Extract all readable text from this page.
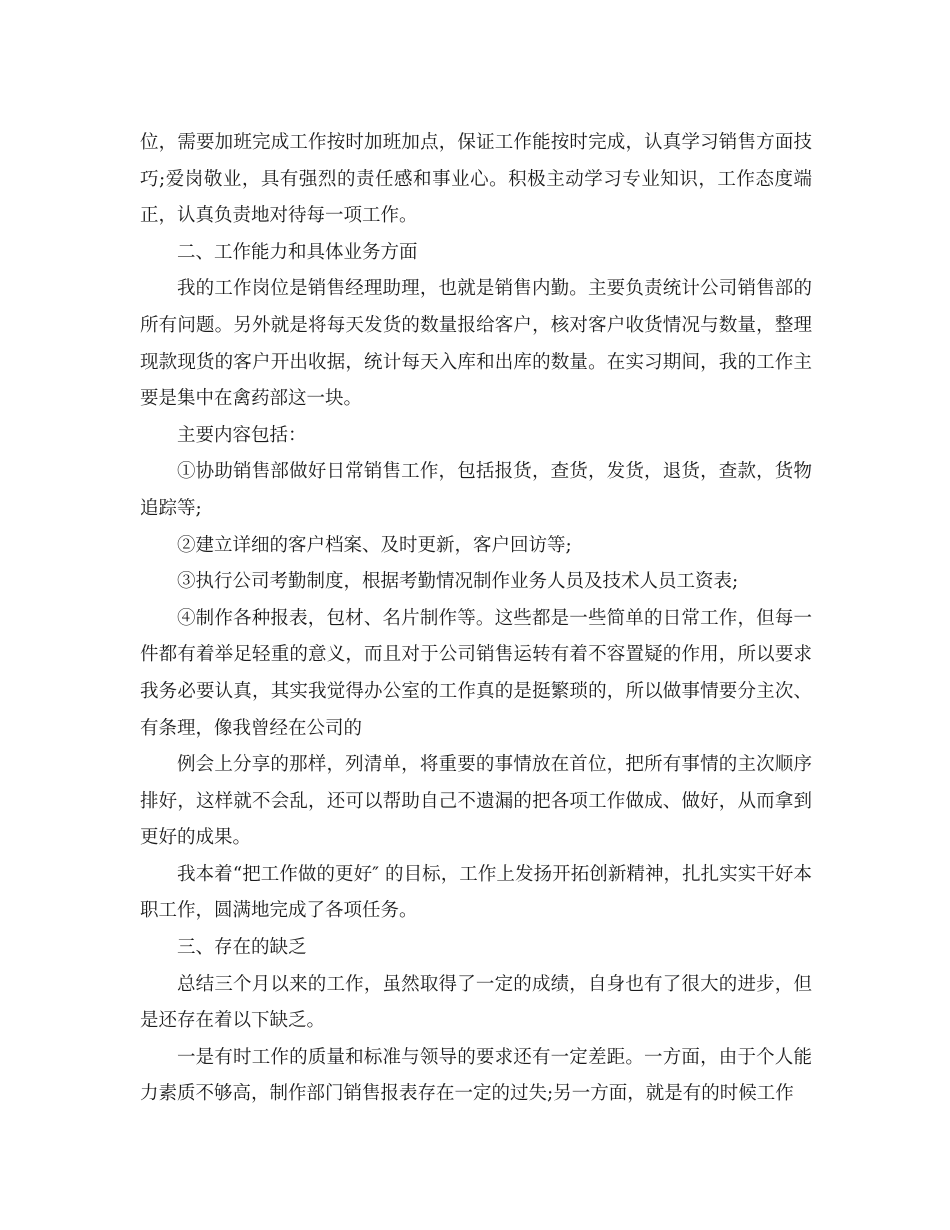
位，需要加班完成工作按时加班加点，保证工作能按时完成，认真学习销售方面技巧;爱岗敬业，具有强烈的责任感和事业心。积极主动学习专业知识，工作态度端正，认真负责地对待每一项工作。

二、工作能力和具体业务方面

我的工作岗位是销售经理助理，也就是销售内勤。主要负责统计公司销售部的所有问题。另外就是将每天发货的数量报给客户，核对客户收货情况与数量，整理现款现货的客户开出收据，统计每天入库和出库的数量。在实习期间，我的工作主要是集中在禽药部这一块。

主要内容包括：

①协助销售部做好日常销售工作，包括报货，查货，发货，退货，查款，货物追踪等;

②建立详细的客户档案、及时更新，客户回访等;

③执行公司考勤制度，根据考勤情况制作业务人员及技术人员工资表;

④制作各种报表，包材、名片制作等。这些都是一些简单的日常工作，但每一件都有着举足轻重的意义，而且对于公司销售运转有着不容置疑的作用，所以要求我务必要认真，其实我觉得办公室的工作真的是挺繁琐的，所以做事情要分主次、有条理，像我曾经在公司的

例会上分享的那样，列清单，将重要的事情放在首位，把所有事情的主次顺序排好，这样就不会乱，还可以帮助自己不遗漏的把各项工作做成、做好，从而拿到更好的成果。

我本着“把工作做的更好″ 的目标，工作上发扬开拓创新精神，扎扎实实干好本职工作，圆满地完成了各项任务。

三、存在的缺乏

总结三个月以来的工作，虽然取得了一定的成绩，自身也有了很大的进步，但是还存在着以下缺乏。

一是有时工作的质量和标准与领导的要求还有一定差距。一方面，由于个人能力素质不够高，制作部门销售报表存在一定的过失;另一方面，就是有的时候工作
